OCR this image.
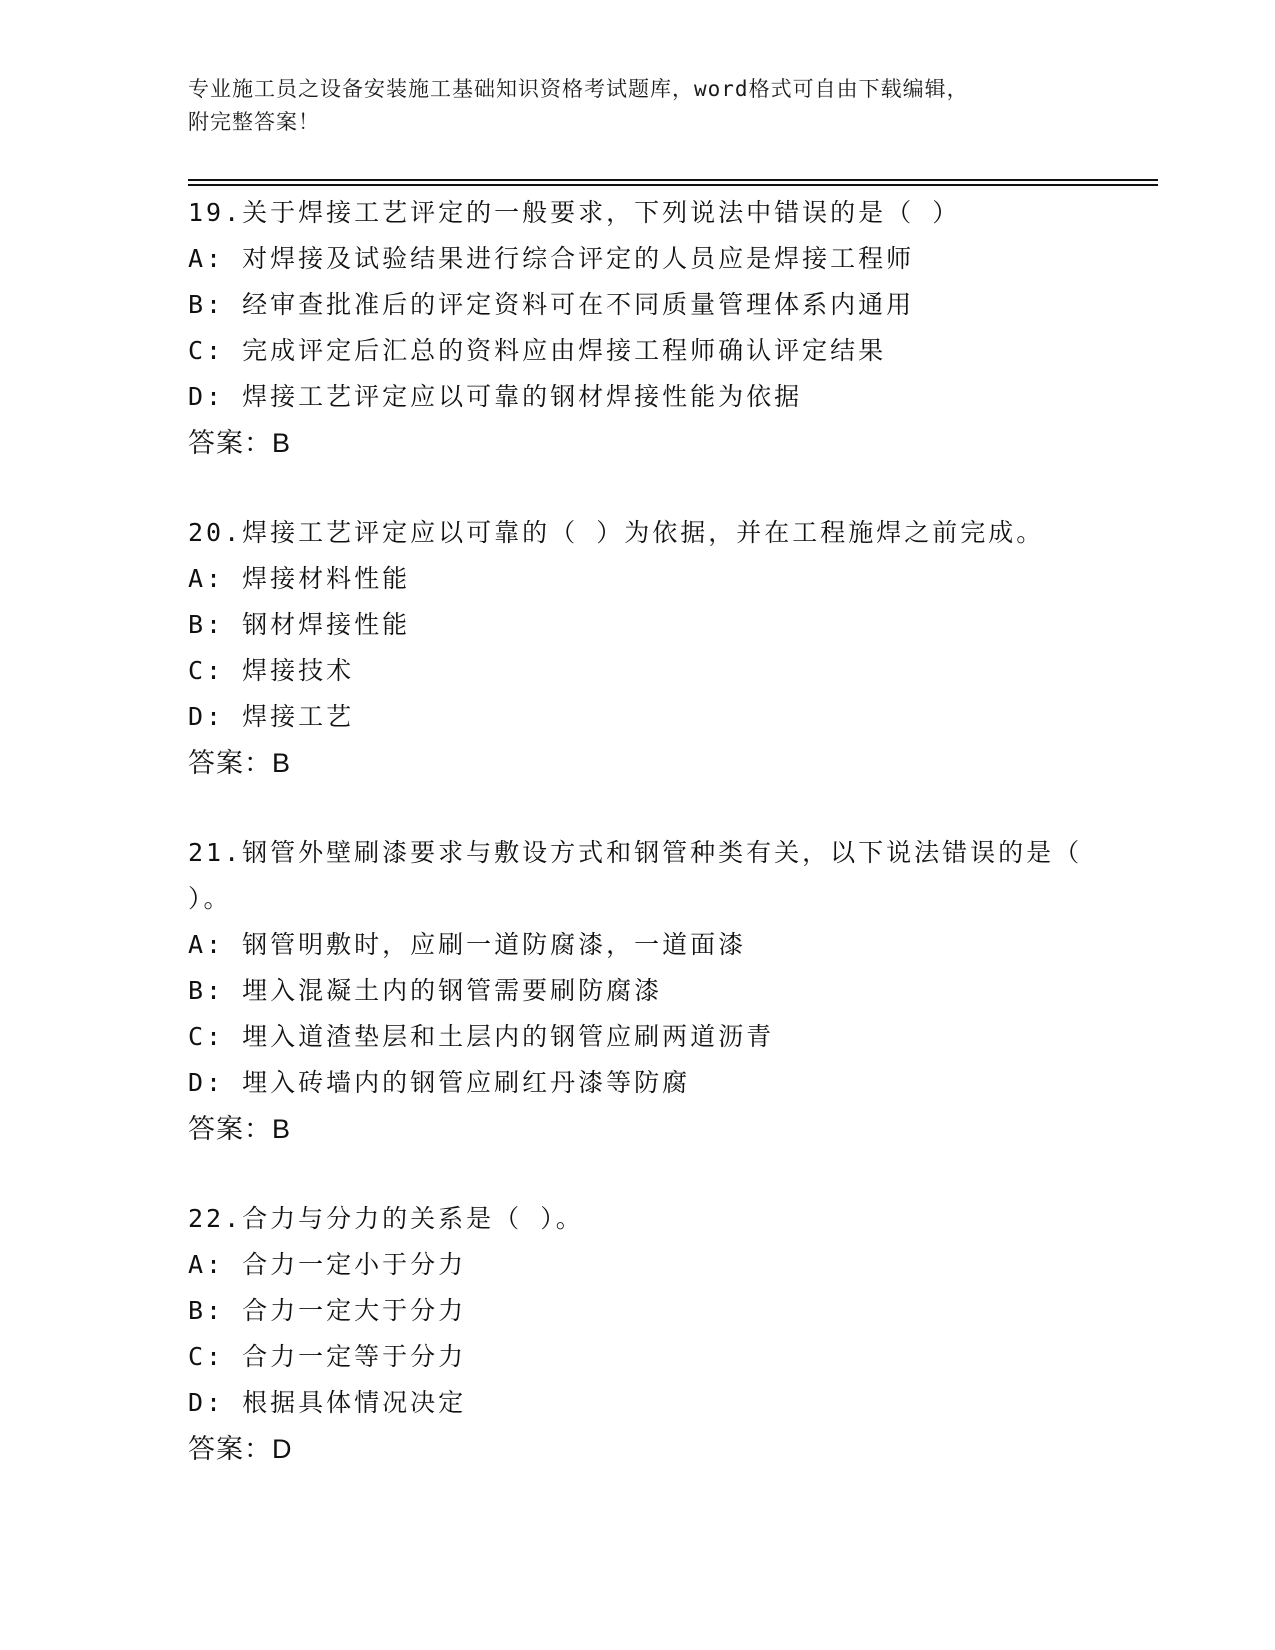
专业施工员之设备安装施工基础知识资格考试题库，word格式可自由下载编辑，
附完整答案！
19.关于焊接工艺评定的一般要求，下列说法中错误的是（ ）
A: 对焊接及试验结果进行综合评定的人员应是焊接工程师
B: 经审查批准后的评定资料可在不同质量管理体系内通用
C: 完成评定后汇总的资料应由焊接工程师确认评定结果
D: 焊接工艺评定应以可靠的钢材焊接性能为依据
答案：B
20.焊接工艺评定应以可靠的（ ）为依据，并在工程施焊之前完成。
A: 焊接材料性能
B: 钢材焊接性能
C: 焊接技术
D: 焊接工艺
答案：B
21.钢管外壁刷漆要求与敷设方式和钢管种类有关，以下说法错误的是（ ）。
A: 钢管明敷时，应刷一道防腐漆，一道面漆
B: 埋入混凝土内的钢管需要刷防腐漆
C: 埋入道渣垫层和土层内的钢管应刷两道沥青
D: 埋入砖墙内的钢管应刷红丹漆等防腐
答案：B
22.合力与分力的关系是（ ）。
A: 合力一定小于分力
B: 合力一定大于分力
C: 合力一定等于分力
D: 根据具体情况决定
答案：D
